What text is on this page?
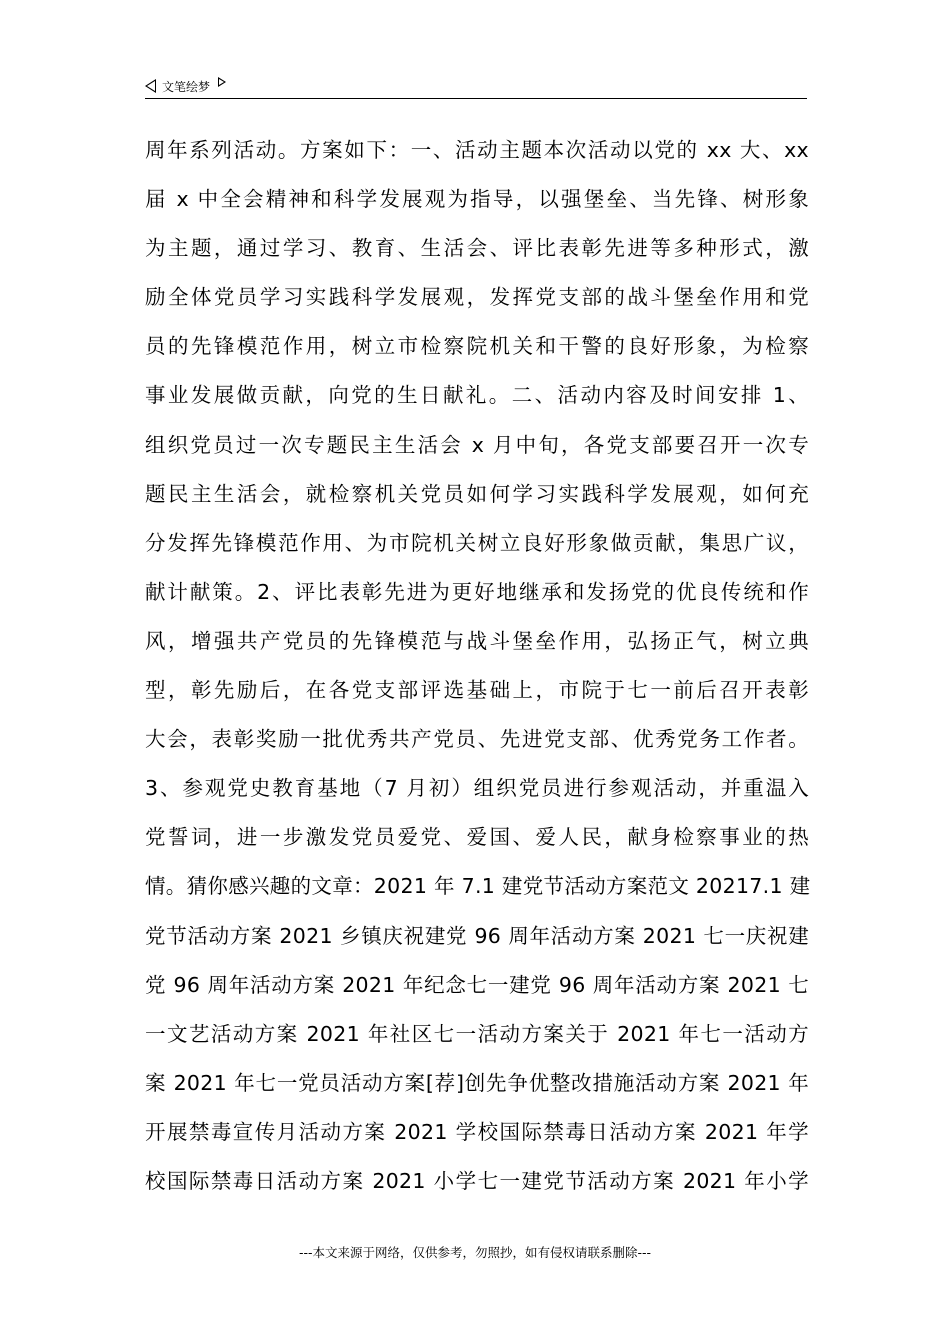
文笔绘梦
周年系列活动。方案如下：一、活动主题本次活动以党的 xx 大、xx
届 x 中全会精神和科学发展观为指导，以强堡垒、当先锋、树形象
为主题，通过学习、教育、生活会、评比表彰先进等多种形式，激
励全体党员学习实践科学发展观，发挥党支部的战斗堡垒作用和党
员的先锋模范作用，树立市检察院机关和干警的良好形象，为检察
事业发展做贡献，向党的生日献礼。二、活动内容及时间安排 1、
组织党员过一次专题民主生活会 x 月中旬，各党支部要召开一次专
题民主生活会，就检察机关党员如何学习实践科学发展观，如何充
分发挥先锋模范作用、为市院机关树立良好形象做贡献，集思广议，
献计献策。2、评比表彰先进为更好地继承和发扬党的优良传统和作
风，增强共产党员的先锋模范与战斗堡垒作用，弘扬正气，树立典
型，彰先励后，在各党支部评选基础上，市院于七一前后召开表彰
大会，表彰奖励一批优秀共产党员、先进党支部、优秀党务工作者。
3、参观党史教育基地（7 月初）组织党员进行参观活动，并重温入
党誓词，进一步激发党员爱党、爱国、爱人民，献身检察事业的热
情。猜你感兴趣的文章：2021 年 7.1 建党节活动方案范文 20217.1 建
党节活动方案 2021 乡镇庆祝建党 96 周年活动方案 2021 七一庆祝建
党 96 周年活动方案 2021 年纪念七一建党 96 周年活动方案 2021 七
一文艺活动方案 2021 年社区七一活动方案关于 2021 年七一活动方
案 2021 年七一党员活动方案[荐]创先争优整改措施活动方案 2021 年
开展禁毒宣传月活动方案 2021 学校国际禁毒日活动方案 2021 年学
校国际禁毒日活动方案 2021 小学七一建党节活动方案 2021 年小学
---本文来源于网络，仅供参考，勿照抄，如有侵权请联系删除---
